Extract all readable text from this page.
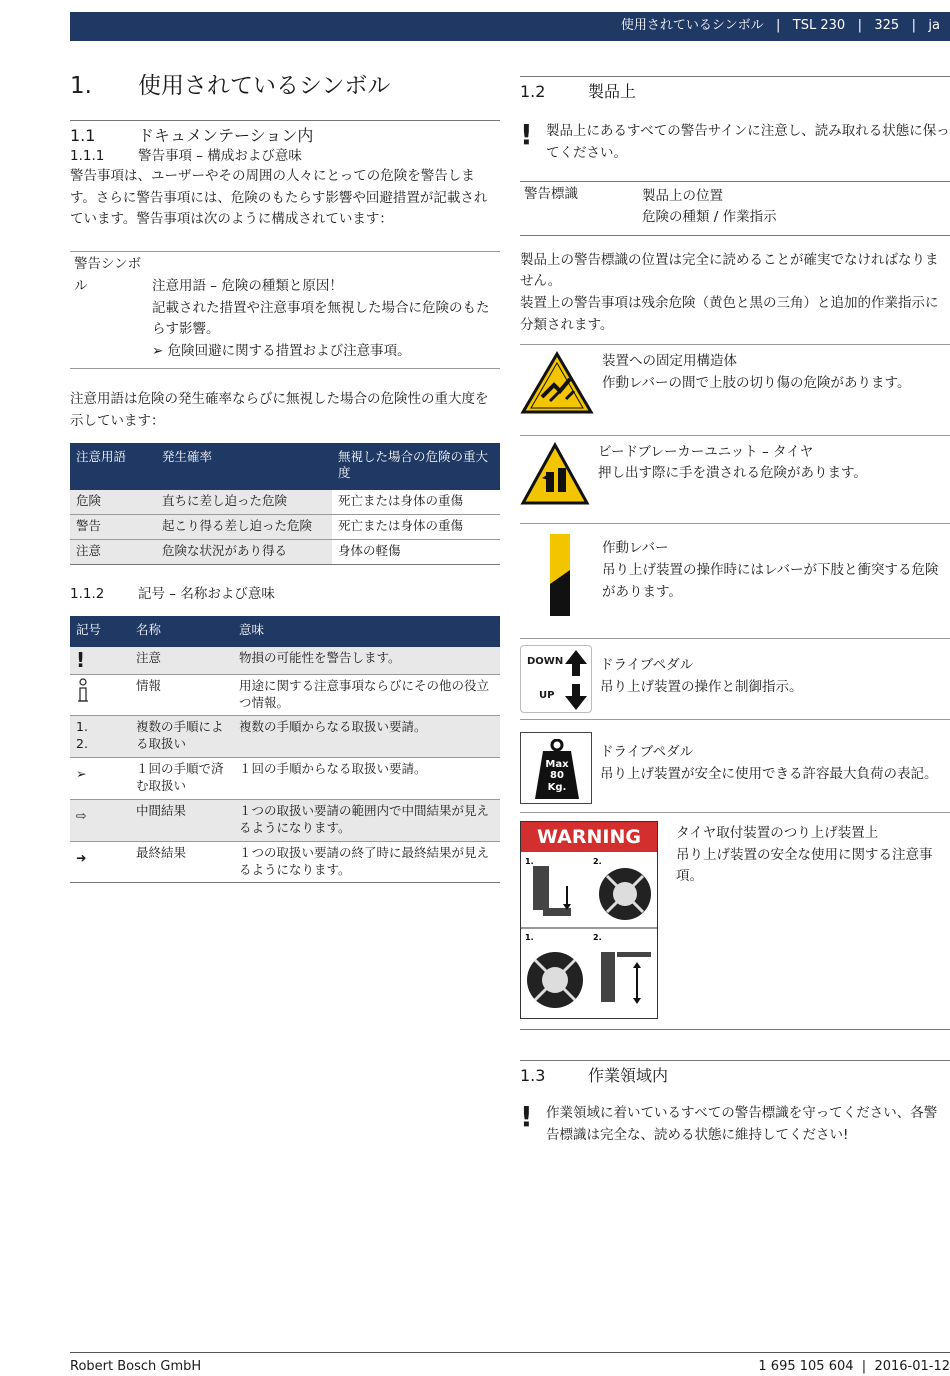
使用されているシンボル | TSL 230 | 325 | ja
1.	使用されているシンボル
1.1	ドキュメンテーション内
1.1.1	警告事項 – 構成および意味

警告事項は、ユーザーやその周囲の人々にとっての危険を警告します。さらに警告事項には、危険のもたらす影響や回避措置が記載されています。警告事項は次のように構成されています：

警告シンボル	注意用語 – 危険の種類と原因！
記載された措置や注意事項を無視した場合に危険のもたらす影響。
➢ 危険回避に関する措置および注意事項。

注意用語は危険の発生確率ならびに無視した場合の危険性の重大度を示しています：

注意用語	発生確率	無視した場合の危険の重大度
危険	直ちに差し迫った危険	死亡または身体の重傷
警告	起こり得る差し迫った危険	死亡または身体の重傷
注意	危険な状況があり得る	身体の軽傷
1.1.2	記号 – 名称および意味
記号	名称	意味
!	注意	物損の可能性を警告します。
	情報	用途に関する注意事項ならびにその他の役立つ情報。
1.
2.	複数の手順による取扱い	複数の手順からなる取扱い要請。
➢	１回の手順で済む取扱い	１回の手順からなる取扱い要請。
⇨	中間結果	１つの取扱い要請の範囲内で中間結果が見えるようになります。
➜	最終結果	１つの取扱い要請の終了時に最終結果が見えるようになります。
1.2	製品上
! 製品上にあるすべての警告サインに注意し、読み取れる状態に保ってください。
警告標識	製品上の位置
危険の種類 / 作業指示

製品上の警告標識の位置は完全に読めることが確実でなければなりません。

装置上の警告事項は残余危険（黄色と黒の三角）と追加的作業指示に分類されます。

装置への固定用構造体
作動レバーの間で上肢の切り傷の危険があります。
ビードブレーカーユニット – タイヤ
押し出す際に手を潰される危険があります。
作動レバー
吊り上げ装置の操作時にはレバーが下肢と衝突する危険があります。
DOWN
UP
ドライブペダル
吊り上げ装置の操作と制御指示。
Max
80
Kg.
ドライブペダル
吊り上げ装置が安全に使用できる許容最大負荷の表記。
WARNING
1.	2.
1.	2.
タイヤ取付装置のつり上げ装置上
吊り上げ装置の安全な使用に関する注意事項。
1.3	作業領域内
! 作業領域に着いているすべての警告標識を守ってください、各警告標識は完全な、読める状態に維持してください!
Robert Bosch GmbH	1 695 105 604  |  2016-01-12
